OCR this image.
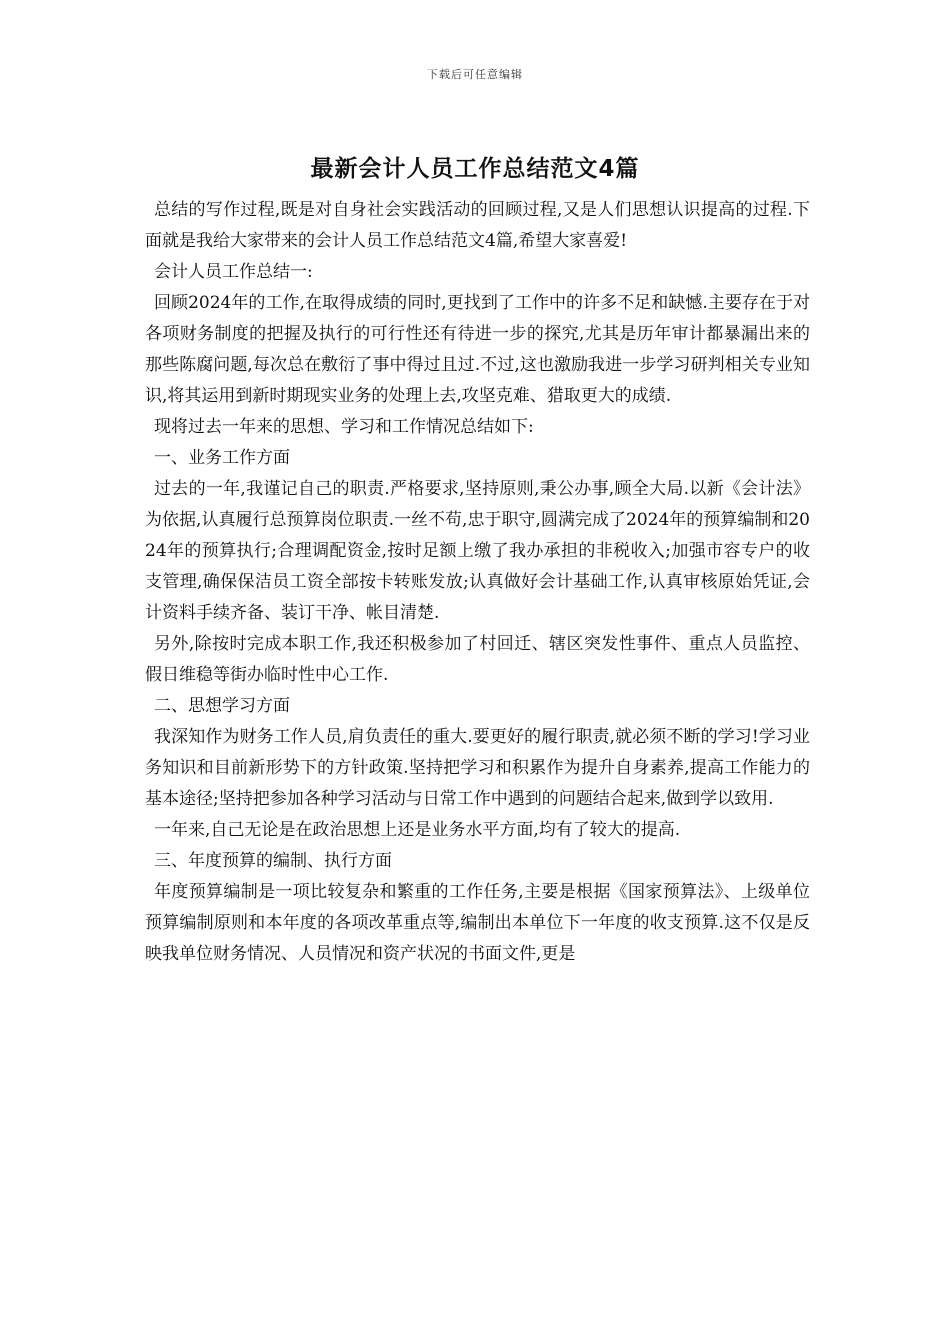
下载后可任意编辑
最新会计人员工作总结范文4篇

总结的写作过程,既是对自身社会实践活动的回顾过程,又是人们思想认识提高的过程.下面就是我给大家带来的会计人员工作总结范文4篇,希望大家喜爱!

会计人员工作总结一:

回顾2024年的工作,在取得成绩的同时,更找到了工作中的许多不足和缺憾.主要存在于对各项财务制度的把握及执行的可行性还有待进一步的探究,尤其是历年审计都暴漏出来的那些陈腐问题,每次总在敷衍了事中得过且过.不过,这也激励我进一步学习研判相关专业知识,将其运用到新时期现实业务的处理上去,攻坚克难、猎取更大的成绩.

现将过去一年来的思想、学习和工作情况总结如下:

一、业务工作方面

过去的一年,我谨记自己的职责.严格要求,坚持原则,秉公办事,顾全大局.以新《会计法》为依据,认真履行总预算岗位职责.一丝不苟,忠于职守,圆满完成了2024年的预算编制和2024年的预算执行;合理调配资金,按时足额上缴了我办承担的非税收入;加强市容专户的收支管理,确保保洁员工资全部按卡转账发放;认真做好会计基础工作,认真审核原始凭证,会计资料手续齐备、装订干净、帐目清楚.

另外,除按时完成本职工作,我还积极参加了村回迁、辖区突发性事件、重点人员监控、假日维稳等街办临时性中心工作.

二、思想学习方面

我深知作为财务工作人员,肩负责任的重大.要更好的履行职责,就必须不断的学习!学习业务知识和目前新形势下的方针政策.坚持把学习和积累作为提升自身素养,提高工作能力的基本途径;坚持把参加各种学习活动与日常工作中遇到的问题结合起来,做到学以致用.

一年来,自己无论是在政治思想上还是业务水平方面,均有了较大的提高.

三、年度预算的编制、执行方面

年度预算编制是一项比较复杂和繁重的工作任务,主要是根据《国家预算法》、上级单位预算编制原则和本年度的各项改革重点等,编制出本单位下一年度的收支预算.这不仅是反映我单位财务情况、人员情况和资产状况的书面文件,更是
